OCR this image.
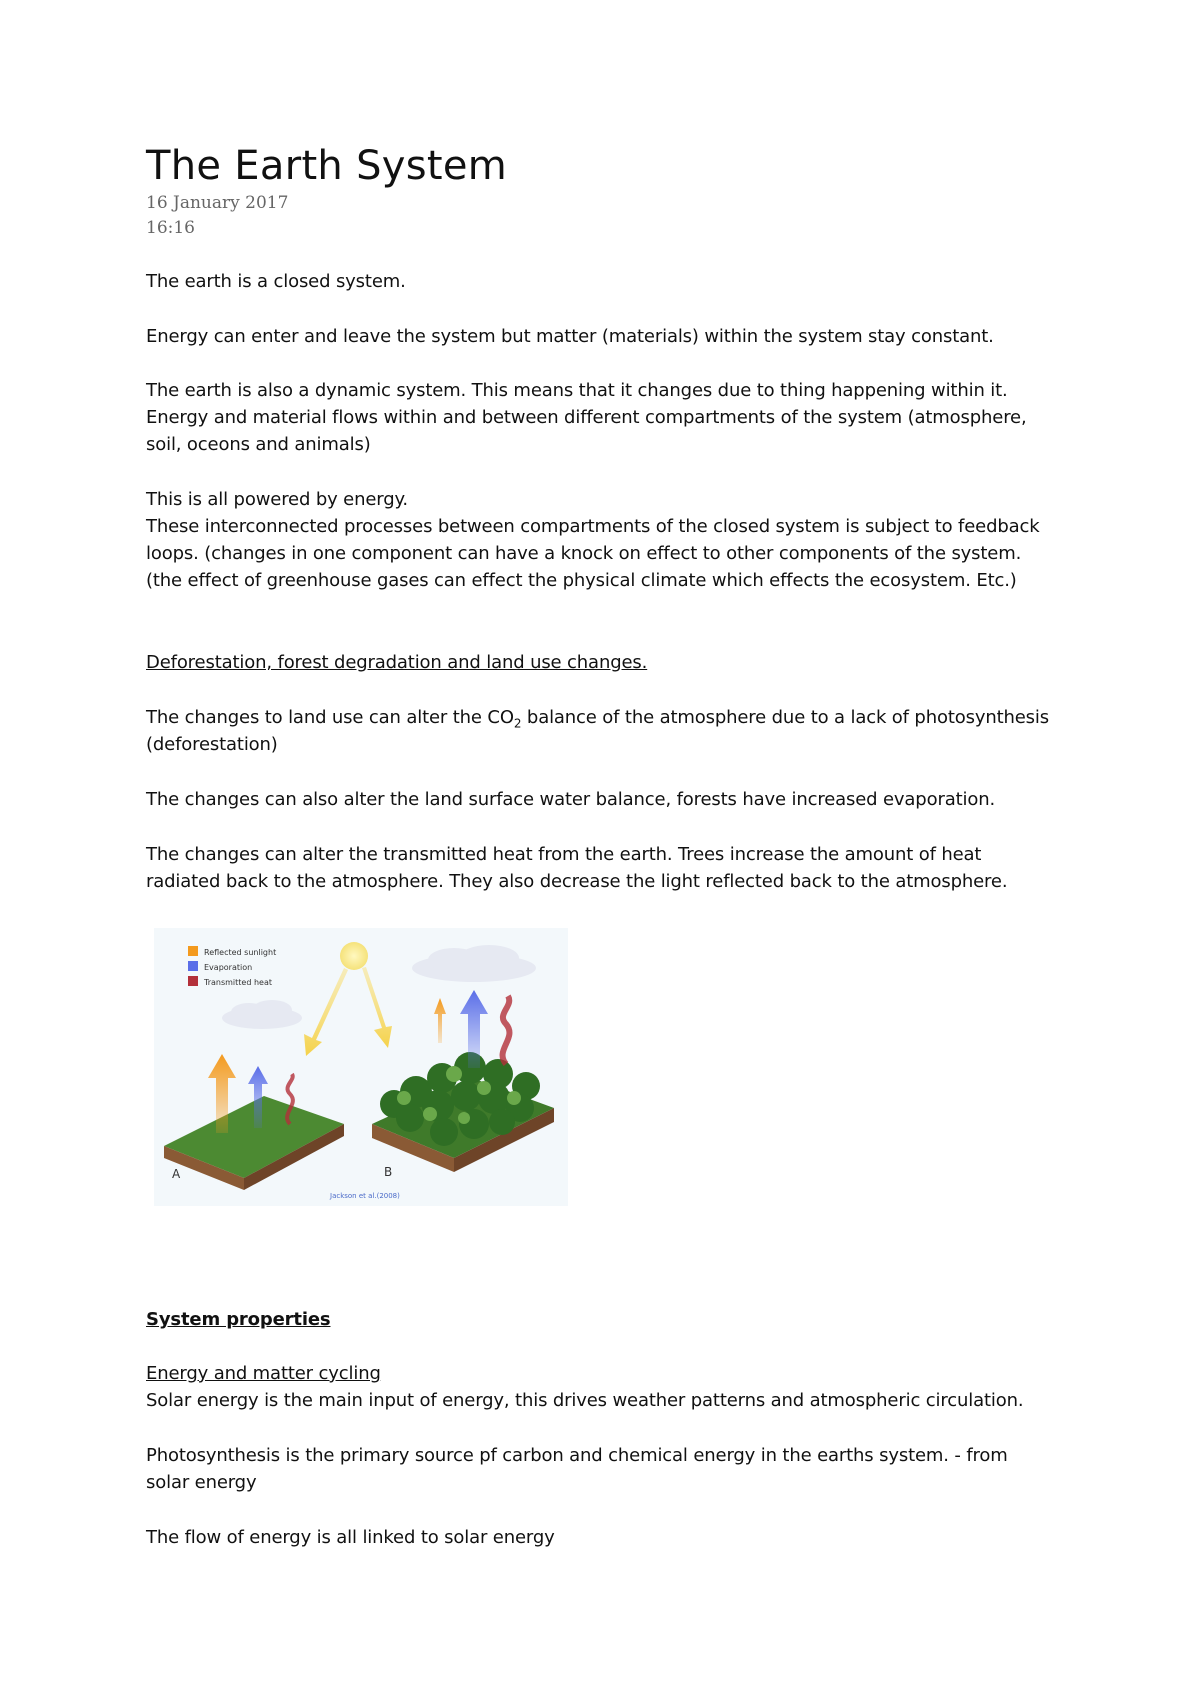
The Earth System
16 January 2017
16:16

The earth is a closed system.

Energy can enter and leave the system but matter (materials) within the system stay constant.

The earth is also a dynamic system. This means that it changes due to thing happening within it.

Energy and material flows within and between different compartments of the system (atmosphere,

soil, oceons and animals)

This is all powered by energy.

These interconnected processes between compartments of the closed system is subject to feedback

loops. (changes in one component can have a knock on effect to other components of the system.

(the effect of greenhouse gases can effect the physical climate which effects the ecosystem. Etc.)

Deforestation, forest degradation and land use changes.

The changes to land use can alter the $CO_2$ balance of the atmosphere due to a lack of photosynthesis

(deforestation)

The changes can also alter the land surface water balance, forests have increased evaporation.

The changes can alter the transmitted heat from the earth. Trees increase the amount of heat

radiated back to the atmosphere. They also decrease the light reflected back to the atmosphere.

Reflected sunlight
Evaporation
Transmitted heat
A	B
Jackson et al.(2008)

System properties

Energy and matter cycling

Solar energy is the main input of energy, this drives weather patterns and atmospheric circulation.

Photosynthesis is the primary source pf carbon and chemical energy in the earths system. - from

solar energy

The flow of energy is all linked to solar energy
